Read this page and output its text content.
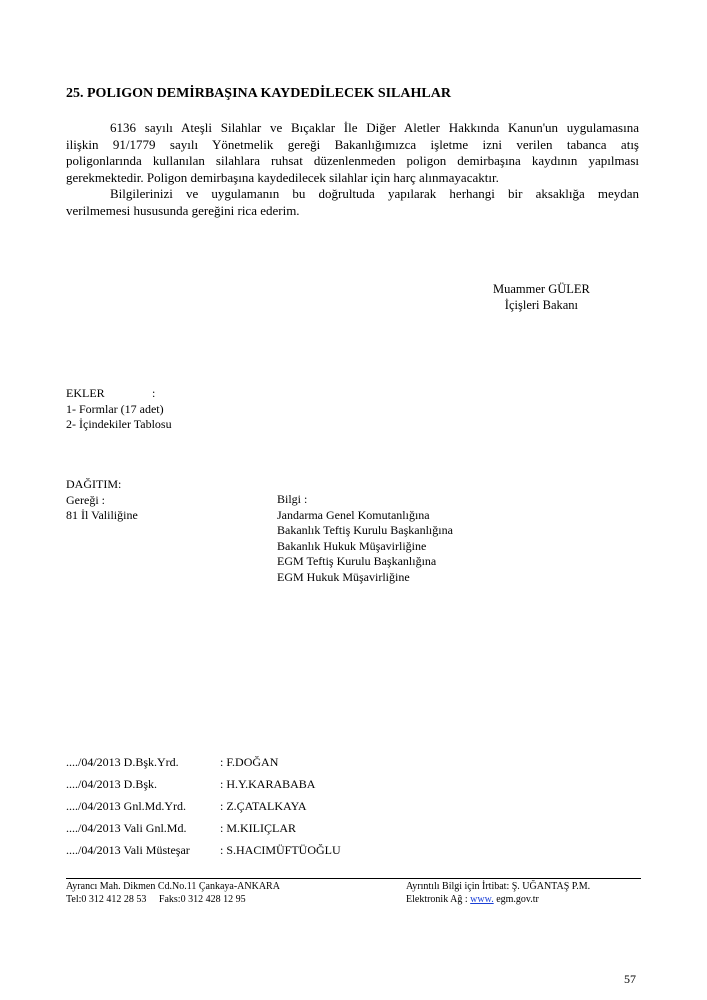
25. POLIGON DEMİRBAŞINA KAYDEDİLECEK SILAHLAR
6136 sayılı Ateşli Silahlar ve Bıçaklar İle Diğer Aletler Hakkında Kanun'un uygulamasına
ilişkin 91/1779 sayılı Yönetmelik gereği Bakanlığımızca işletme izni verilen tabanca atış
poligonlarında kullanılan silahlara ruhsat düzenlenmeden poligon demirbaşına kaydının yapılması
gerekmektedir. Poligon demirbaşına kaydedilecek silahlar için harç alınmayacaktır.
Bilgilerinizi ve uygulamanın bu doğrultuda yapılarak herhangi bir aksaklığa meydan
verilmemesi hususunda gereğini rica ederim.
Muammer GÜLER
İçişleri Bakanı
EKLER	:
1- Formlar (17 adet)
2- İçindekiler Tablosu
DAĞITIM:
Gereği :
81 İl Valiliğine
Bilgi :
Jandarma Genel Komutanlığına
Bakanlık Teftiş Kurulu Başkanlığına
Bakanlık Hukuk Müşavirliğine
EGM Teftiş Kurulu Başkanlığına
EGM Hukuk Müşavirliğine
..../04/2013 D.Bşk.Yrd.	: F.DOĞAN
..../04/2013 D.Bşk.	: H.Y.KARABABA
..../04/2013 Gnl.Md.Yrd.	: Z.ÇATALKAYA
..../04/2013 Vali Gnl.Md.	: M.KILIÇLAR
..../04/2013 Vali Müsteşar	: S.HACIMÜFTÜOĞLU
Ayrancı Mah. Dikmen Cd.No.11 Çankaya-ANKARA
Tel:0 312 412 28 53     Faks:0 312 428 12 95
Ayrıntılı Bilgi için İrtibat: Ş. UĞANTAŞ P.M.
Elektronik Ağ : www. egm.gov.tr
57
